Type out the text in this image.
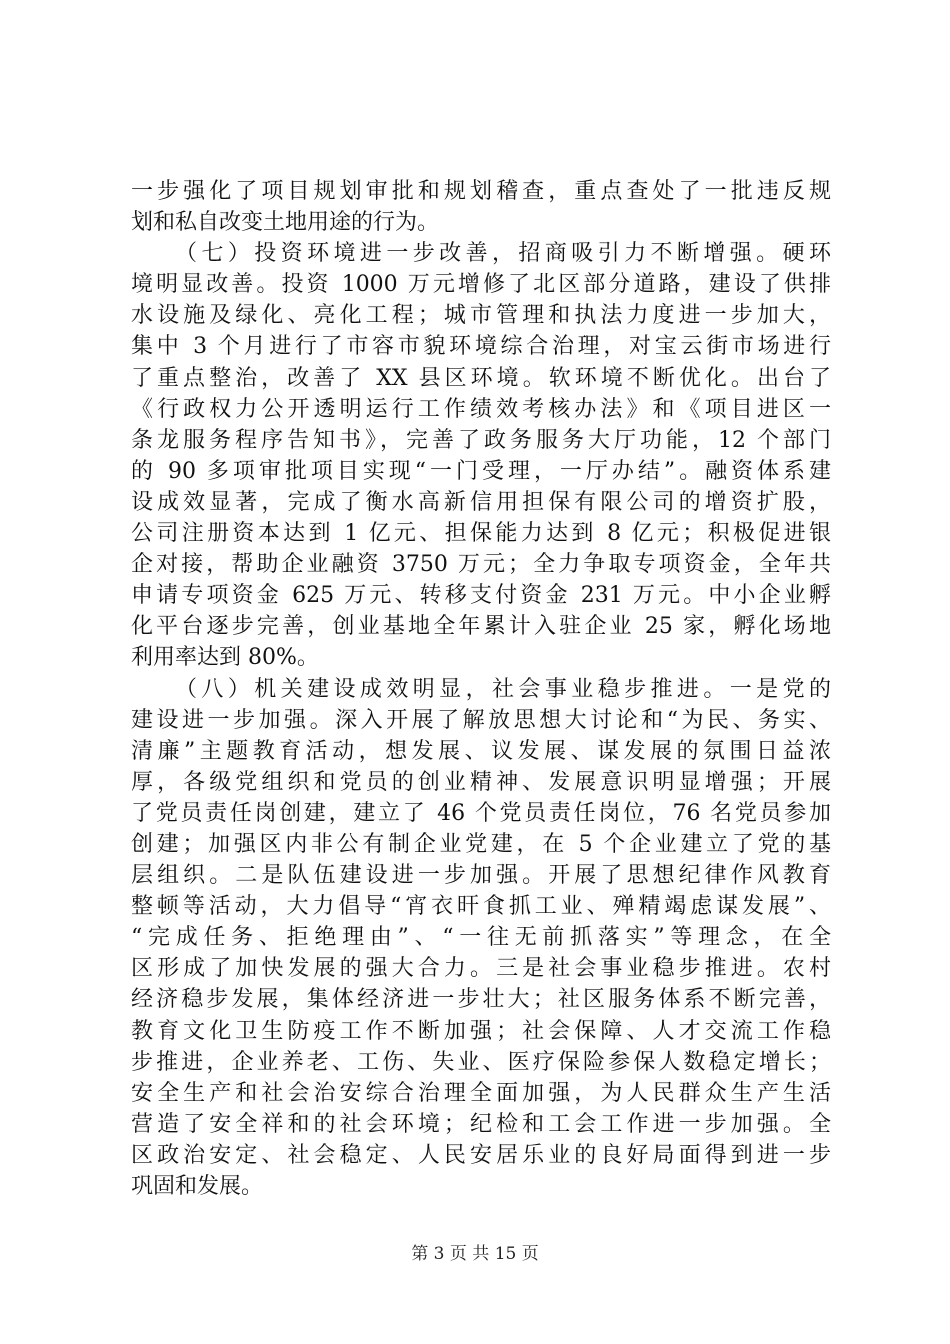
一步强化了项目规划审批和规划稽查，重点查处了一批违反规
划和私自改变土地用途的行为。
（七）投资环境进一步改善，招商吸引力不断增强。硬环
境明显改善。投资 1000 万元增修了北区部分道路，建设了供排
水设施及绿化、亮化工程；城市管理和执法力度进一步加大，
集中 3 个月进行了市容市貌环境综合治理，对宝云街市场进行
了重点整治，改善了 XX 县区环境。软环境不断优化。出台了
《行政权力公开透明运行工作绩效考核办法》和《项目进区一
条龙服务程序告知书》，完善了政务服务大厅功能，12 个部门
的 90 多项审批项目实现“一门受理，一厅办结”。融资体系建
设成效显著，完成了衡水高新信用担保有限公司的增资扩股，
公司注册资本达到 1 亿元、担保能力达到 8 亿元；积极促进银
企对接，帮助企业融资 3750 万元；全力争取专项资金，全年共
申请专项资金 625 万元、转移支付资金 231 万元。中小企业孵
化平台逐步完善，创业基地全年累计入驻企业 25 家，孵化场地
利用率达到 80%。
（八）机关建设成效明显，社会事业稳步推进。一是党的
建设进一步加强。深入开展了解放思想大讨论和“为民、务实、
清廉”主题教育活动，想发展、议发展、谋发展的氛围日益浓
厚，各级党组织和党员的创业精神、发展意识明显增强；开展
了党员责任岗创建，建立了 46 个党员责任岗位，76 名党员参加
创建；加强区内非公有制企业党建，在 5 个企业建立了党的基
层组织。二是队伍建设进一步加强。开展了思想纪律作风教育
整顿等活动，大力倡导“宵衣旰食抓工业、殚精竭虑谋发展”、
“完成任务、拒绝理由”、“一往无前抓落实”等理念，在全
区形成了加快发展的强大合力。三是社会事业稳步推进。农村
经济稳步发展，集体经济进一步壮大；社区服务体系不断完善，
教育文化卫生防疫工作不断加强；社会保障、人才交流工作稳
步推进，企业养老、工伤、失业、医疗保险参保人数稳定增长；
安全生产和社会治安综合治理全面加强，为人民群众生产生活
营造了安全祥和的社会环境；纪检和工会工作进一步加强。全
区政治安定、社会稳定、人民安居乐业的良好局面得到进一步
巩固和发展。
第 3 页 共 15 页
